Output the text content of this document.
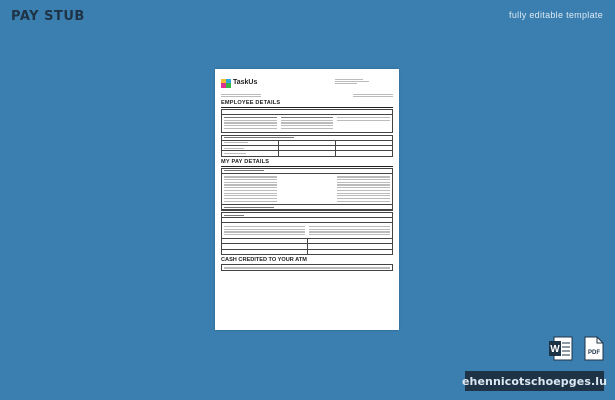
PAY STUB	fully editable template
TaskUs
EMPLOYEE DETAILS
MY PAY DETAILS
CASH CREDITED TO YOUR ATM
W	PDF
ehennicotschoepges.lu
